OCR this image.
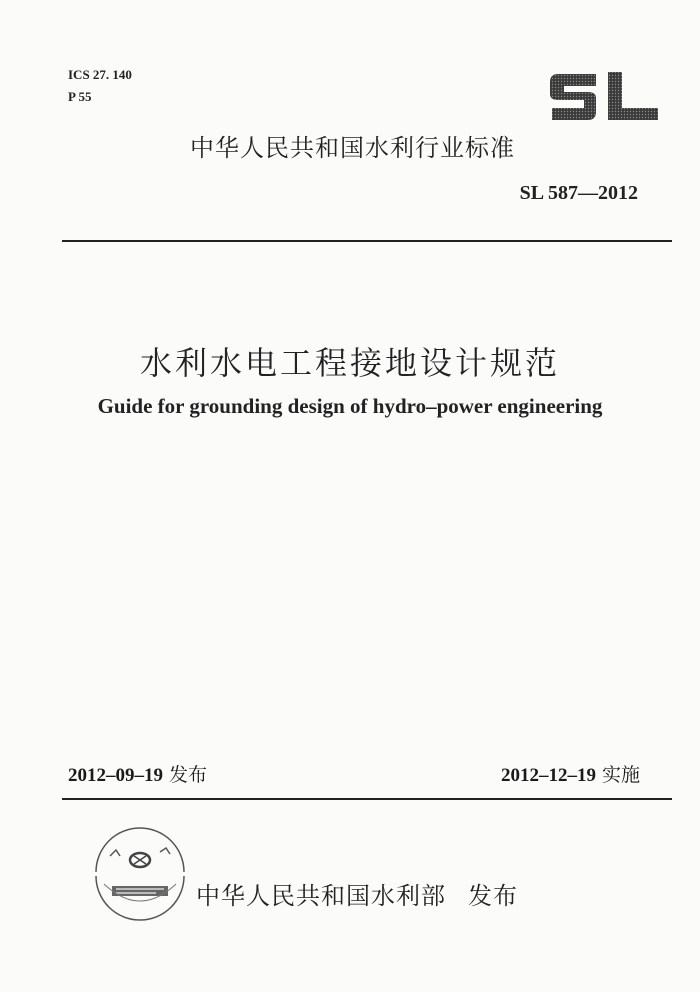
ICS 27. 140
P 55
中华人民共和国水利行业标准
SL 587—2012
水利水电工程接地设计规范
Guide for grounding design of hydro–power engineering
2012–09–19 发布	2012–12–19 实施
中华人民共和国水利部 发布
